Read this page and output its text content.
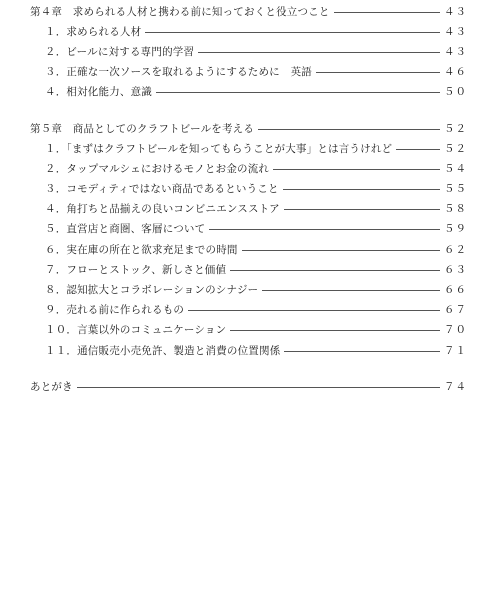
第４章　求められる人材と携わる前に知っておくと役立つこと	４３
１．求められる人材	４３
２．ビールに対する専門的学習	４３
３．正確な一次ソースを取れるようにするために　英語	４６
４．相対化能力、意識	５０
第５章　商品としてのクラフトビールを考える	５２
１．「まずはクラフトビールを知ってもらうことが大事」とは言うけれど	５２
２．タップマルシェにおけるモノとお金の流れ	５４
３．コモディティではない商品であるということ	５５
４．角打ちと品揃えの良いコンビニエンスストア	５８
５．直営店と商圏、客層について	５９
６．実在庫の所在と欲求充足までの時間	６２
７．フローとストック、新しさと価値	６３
８．認知拡大とコラボレーションのシナジー	６６
９．売れる前に作られるもの	６７
１０．言葉以外のコミュニケーション	７０
１１．通信販売小売免許、製造と消費の位置関係	７１
あとがき	７４
